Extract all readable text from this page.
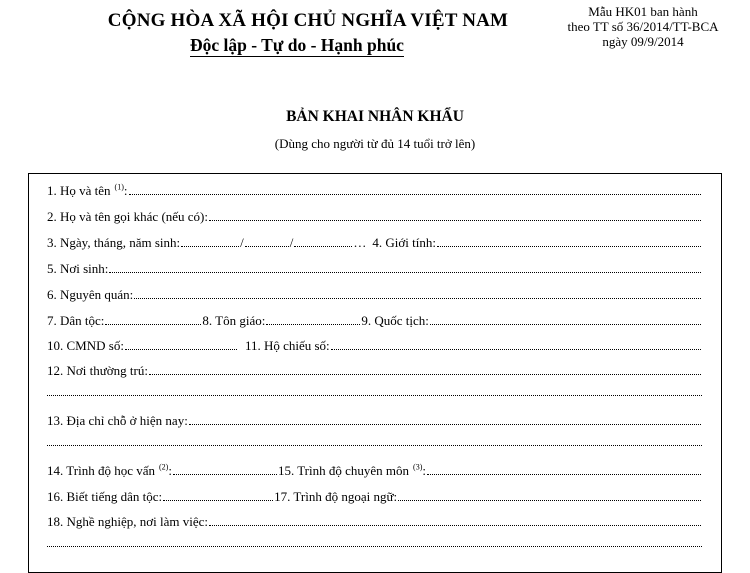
CỘNG HÒA XÃ HỘI CHỦ NGHĨA VIỆT NAM
Độc lập - Tự do - Hạnh phúc
Mẫu HK01 ban hành
theo TT số 36/2014/TT-BCA
ngày 09/9/2014
BẢN KHAI NHÂN KHẨU
(Dùng cho người từ đủ 14 tuổi trở lên)
1. Họ và tên $^{(1)}$ :
2. Họ và tên gọi khác (nếu có):
3. Ngày, tháng, năm sinh:	/	/	… 4. Giới tính:
5. Nơi sinh:
6. Nguyên quán:
7. Dân tộc:	8. Tôn giáo:	9. Quốc tịch:
10. CMND số:	11. Hộ chiếu số:
12. Nơi thường trú:
13. Địa chỉ chỗ ở hiện nay:
14. Trình độ học vấn $^{(2)}$ :	15. Trình độ chuyên môn $^{(3)}$ :
16. Biết tiếng dân tộc:	17. Trình độ ngoại ngữ:
18. Nghề nghiệp, nơi làm việc:
